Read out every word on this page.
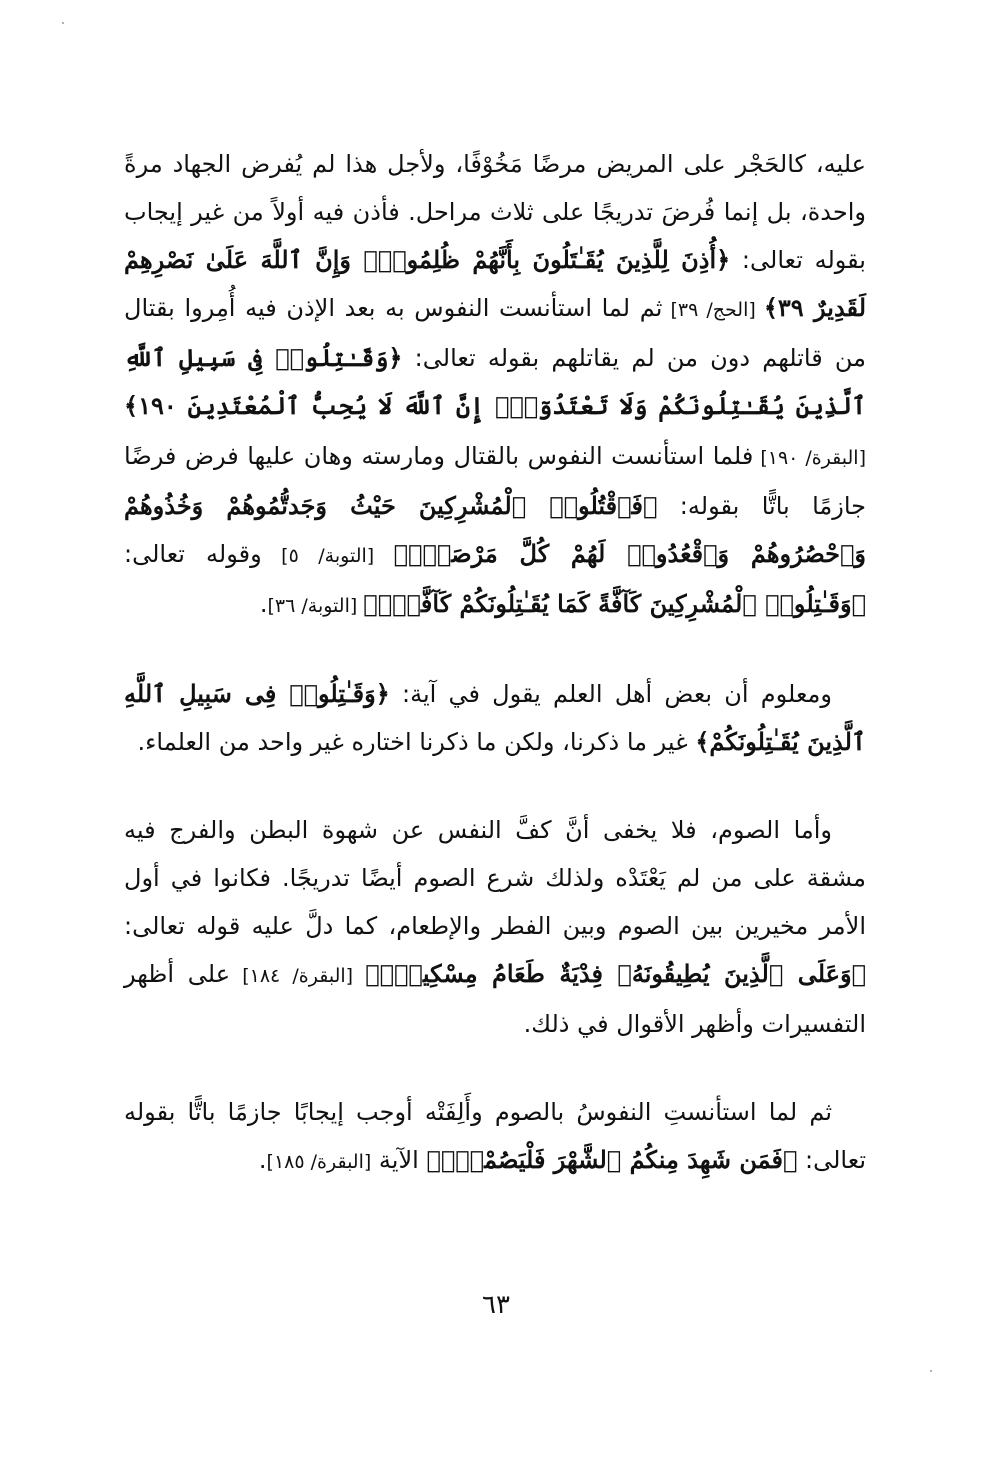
عليه، كالحَجْر على المريض مرضًا مَخُوْفًا، ولأجل هذا لم يُفرض الجهاد مرةً واحدة، بل إنما فُرضَ تدريجًا على ثلاث مراحل. فأذن فيه أولاً من غير إيجاب بقوله تعالى: ﴿أُذِنَ لِلَّذِينَ يُقَـٰتَلُونَ بِأَنَّهُمْ ظُلِمُوا۟ۚ وَإِنَّ ٱللَّهَ عَلَىٰ نَصْرِهِمْ لَقَدِيرٌ ٣٩﴾ [الحج/ ٣٩] ثم لما استأنست النفوس به بعد الإذن فيه أُمِروا بقتال من قاتلهم دون من لم يقاتلهم بقوله تعالى: ﴿وَقَـٰتِلُوا۟ فِى سَبِيلِ ٱللَّهِ ٱلَّذِينَ يُقَـٰتِلُونَكُمْ وَلَا تَعْتَدُوٓا۟ۚ إِنَّ ٱللَّهَ لَا يُحِبُّ ٱلْمُعْتَدِينَ ١٩٠﴾ [البقرة/ ١٩٠] فلما استأنست النفوس بالقتال ومارسته وهان عليها فرض فرضًا جازمًا باتًّا بقوله: ﴿فَٱقْتُلُوا۟ ٱلْمُشْرِكِينَ حَيْثُ وَجَدتُّمُوهُمْ وَخُذُوهُمْ وَٱحْصُرُوهُمْ وَٱقْعُدُوا۟ لَهُمْ كُلَّ مَرْصَدٍۚ﴾ [التوبة/ ٥] وقوله تعالى: ﴿وَقَـٰتِلُوا۟ ٱلْمُشْرِكِينَ كَآفَّةً كَمَا يُقَـٰتِلُونَكُمْ كَآفَّةًۚ﴾ [التوبة/ ٣٦].

ومعلوم أن بعض أهل العلم يقول في آية: ﴿وَقَـٰتِلُوا۟ فِى سَبِيلِ ٱللَّهِ ٱلَّذِينَ يُقَـٰتِلُونَكُمْ﴾ غير ما ذكرنا، ولكن ما ذكرنا اختاره غير واحد من العلماء.

وأما الصوم، فلا يخفى أنَّ كفَّ النفس عن شهوة البطن والفرج فيه مشقة على من لم يَعْتَدْه ولذلك شرع الصوم أيضًا تدريجًا. فكانوا في أول الأمر مخيرين بين الصوم وبين الفطر والإطعام، كما دلَّ عليه قوله تعالى: ﴿وَعَلَى ٱلَّذِينَ يُطِيقُونَهُۥ فِدْيَةٌ طَعَامُ مِسْكِينٍۖ﴾ [البقرة/ ١٨٤] على أظهر التفسيرات وأظهر الأقوال في ذلك.

ثم لما استأنستِ النفوسُ بالصوم وأَلِفَتْه أوجب إيجابًا جازمًا باتًّا بقوله تعالى: ﴿فَمَن شَهِدَ مِنكُمُ ٱلشَّهْرَ فَلْيَصُمْهُۖ﴾ الآية [البقرة/ ١٨٥].

٦٣
